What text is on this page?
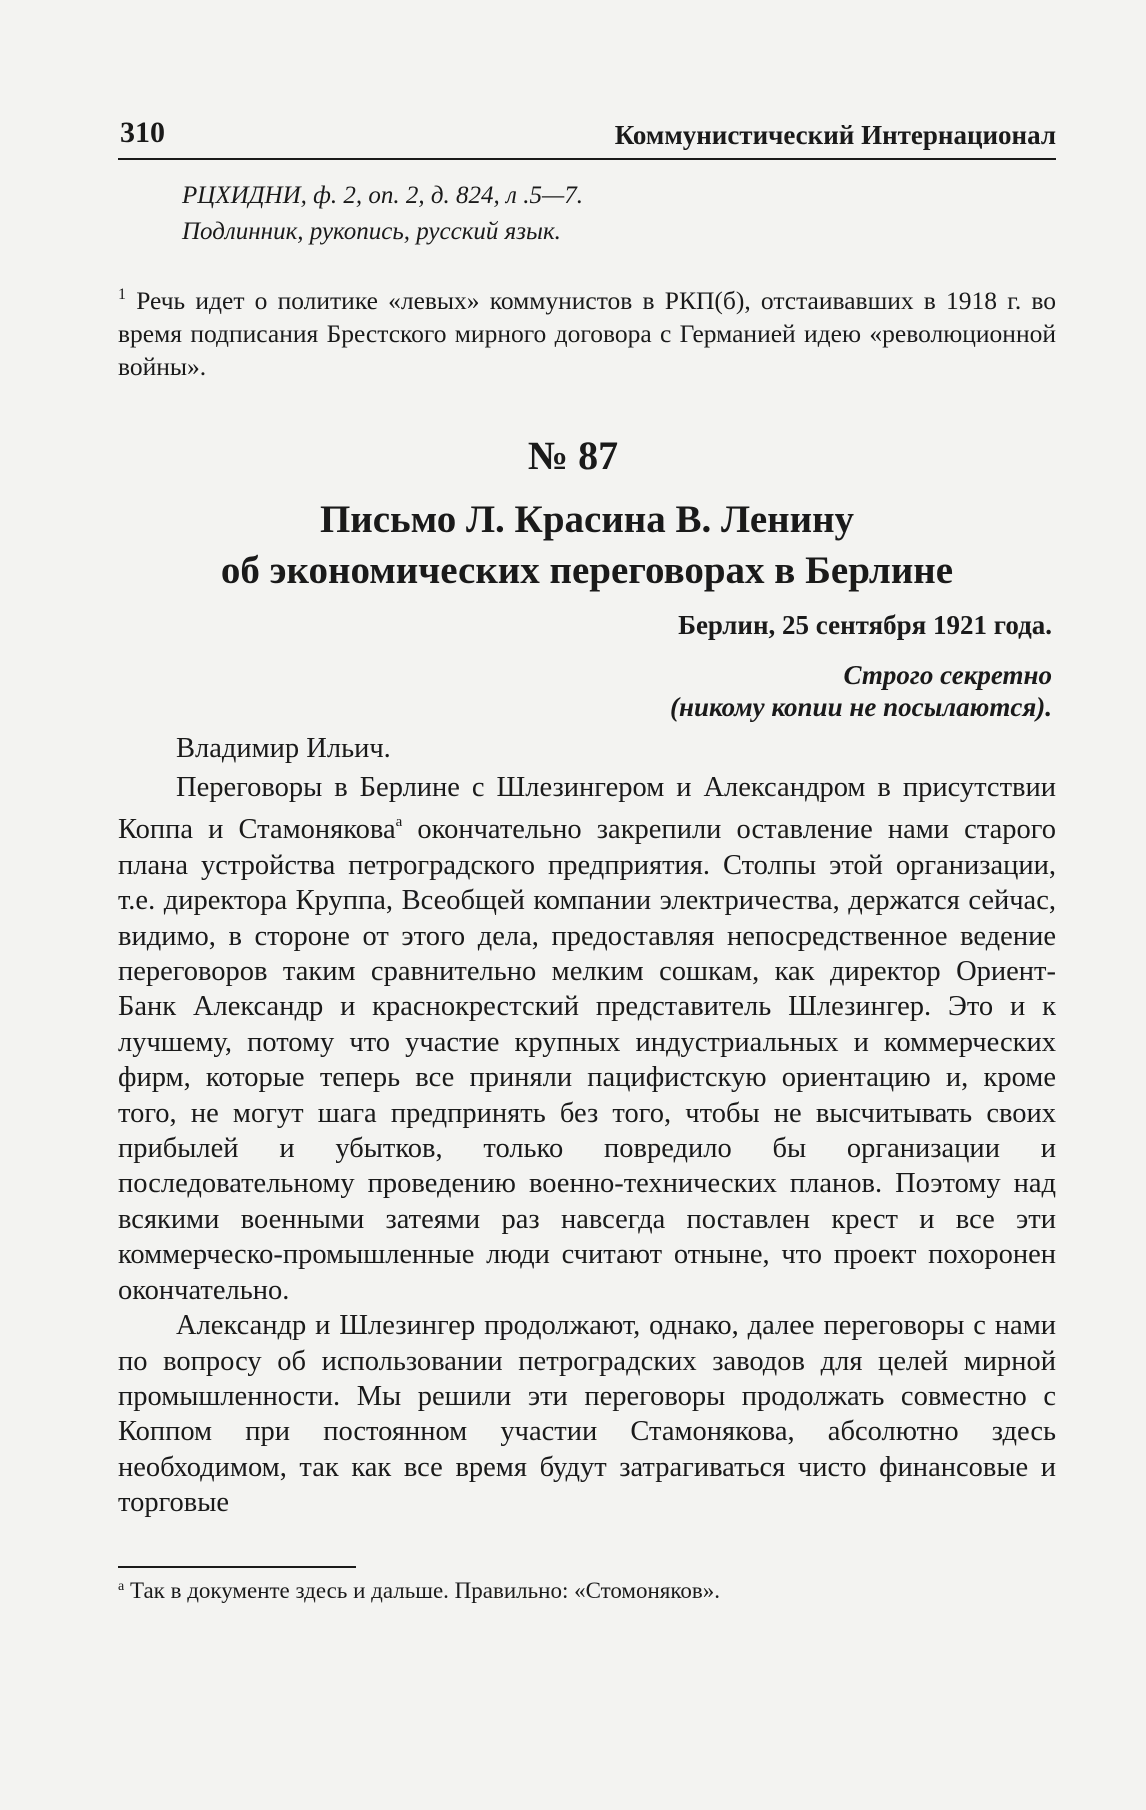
310	Коммунистический Интернационал
РЦХИДНИ, ф. 2, оп. 2, д. 824, л .5—7.
Подлинник, рукопись, русский язык.
$^1$ Речь идет о политике «левых» коммунистов в РКП(б), отстаивавших в 1918 г. во время подписания Брестского мирного договора с Германией идею «революционной войны».
№ 87
Письмо Л. Красина В. Ленину
об экономических переговорах в Берлине
Берлин, 25 сентября 1921 года.
Строго секретно
(никому копии не посылаются).
Владимир Ильич.

Переговоры в Берлине с Шлезингером и Александром в присутствии Коппа и Стамонякова$^а$ окончательно закрепили оставление нами старого плана устройства петроградского предприятия. Столпы этой организации, т.е. директора Круппа, Всеобщей компании электричества, держатся сейчас, видимо, в стороне от этого дела, предоставляя непосредственное ведение переговоров таким сравнительно мелким сошкам, как директор Ориент-Банк Александр и краснокрестский представитель Шлезингер. Это и к лучшему, потому что участие крупных индустриальных и коммерческих фирм, которые теперь все приняли пацифистскую ориентацию и, кроме того, не могут шага предпринять без того, чтобы не высчитывать своих прибылей и убытков, только повредило бы организации и последовательному проведению военно-технических планов. Поэтому над всякими военными затеями раз навсегда поставлен крест и все эти коммерческо-промышленные люди считают отныне, что проект похоронен окончательно.

Александр и Шлезингер продолжают, однако, далее переговоры с нами по вопросу об использовании петроградских заводов для целей мирной промышленности. Мы решили эти переговоры продолжать совместно с Коппом при постоянном участии Стамонякова, абсолютно здесь необходимом, так как все время будут затрагиваться чисто финансовые и торговые

$^а$ Так в документе здесь и дальше. Правильно: «Стомоняков».
